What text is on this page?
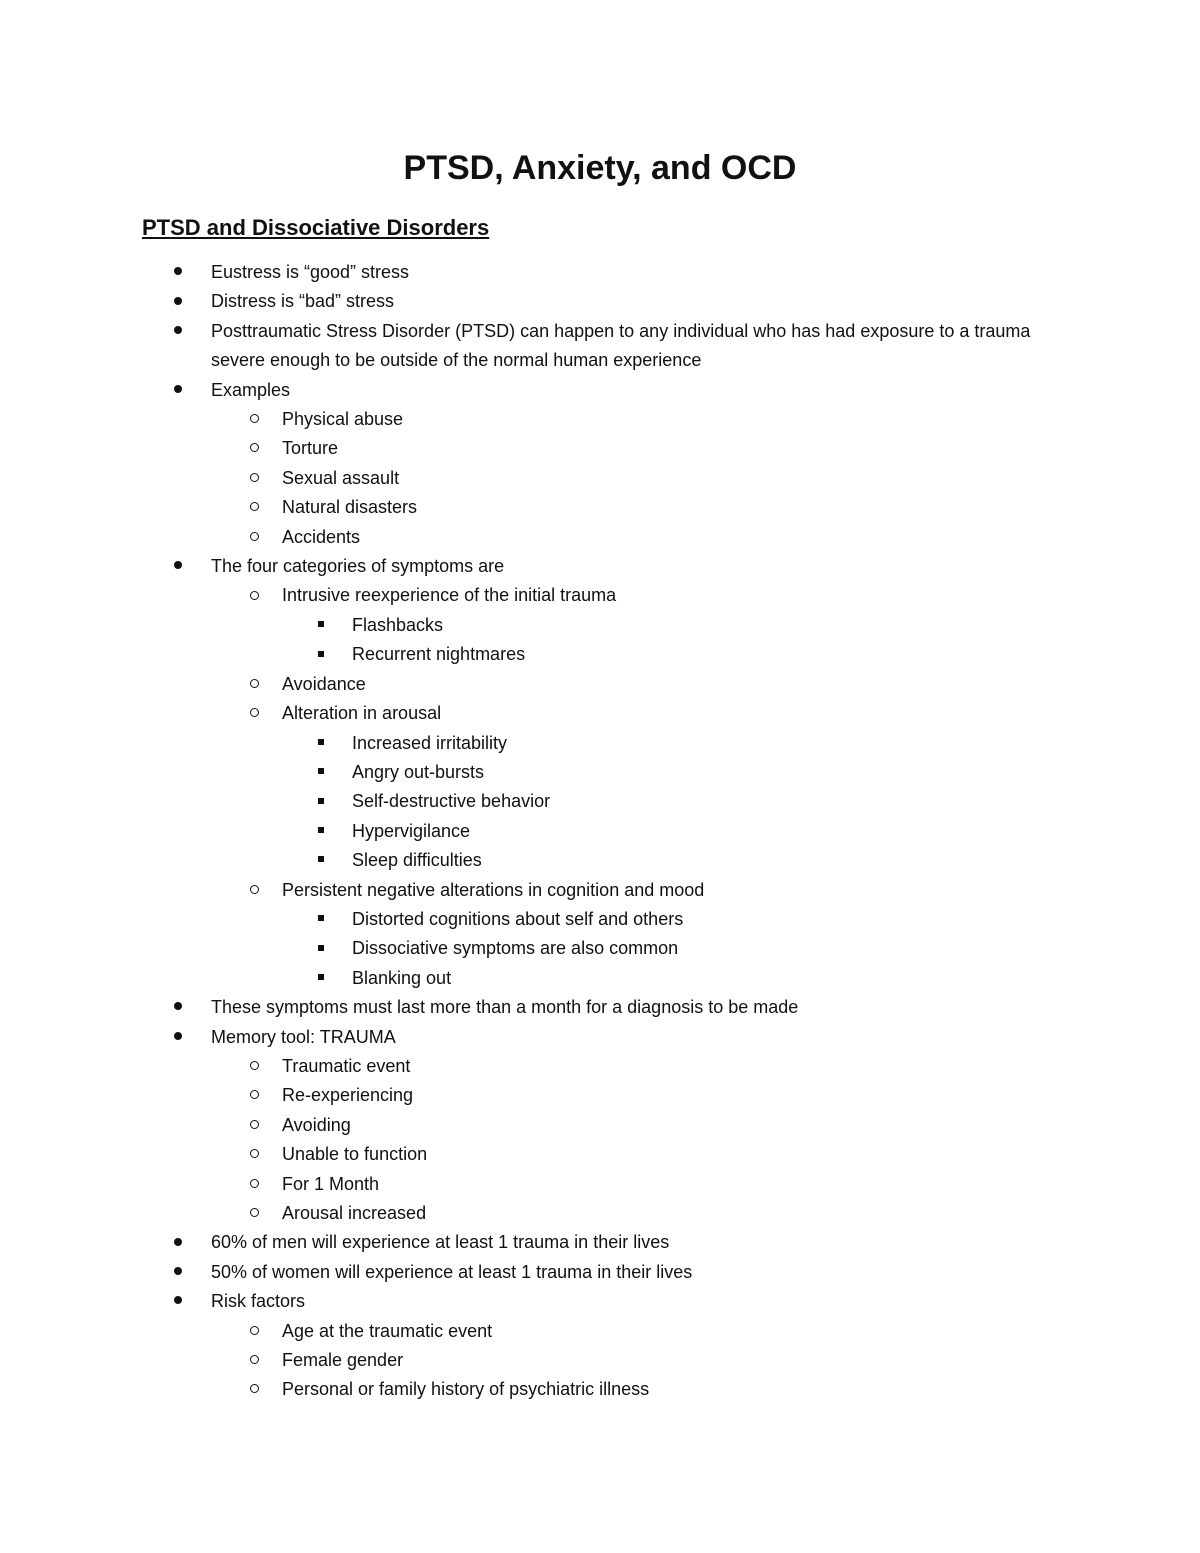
PTSD, Anxiety, and OCD
PTSD and Dissociative Disorders
Eustress is “good” stress
Distress is “bad” stress
Posttraumatic Stress Disorder (PTSD) can happen to any individual who has had exposure to a trauma severe enough to be outside of the normal human experience
Examples
Physical abuse
Torture
Sexual assault
Natural disasters
Accidents
The four categories of symptoms are
Intrusive reexperience of the initial trauma
Flashbacks
Recurrent nightmares
Avoidance
Alteration in arousal
Increased irritability
Angry out-bursts
Self-destructive behavior
Hypervigilance
Sleep difficulties
Persistent negative alterations in cognition and mood
Distorted cognitions about self and others
Dissociative symptoms are also common
Blanking out
These symptoms must last more than a month for a diagnosis to be made
Memory tool: TRAUMA
Traumatic event
Re-experiencing
Avoiding
Unable to function
For 1 Month
Arousal increased
60% of men will experience at least 1 trauma in their lives
50% of women will experience at least 1 trauma in their lives
Risk factors
Age at the traumatic event
Female gender
Personal or family history of psychiatric illness
